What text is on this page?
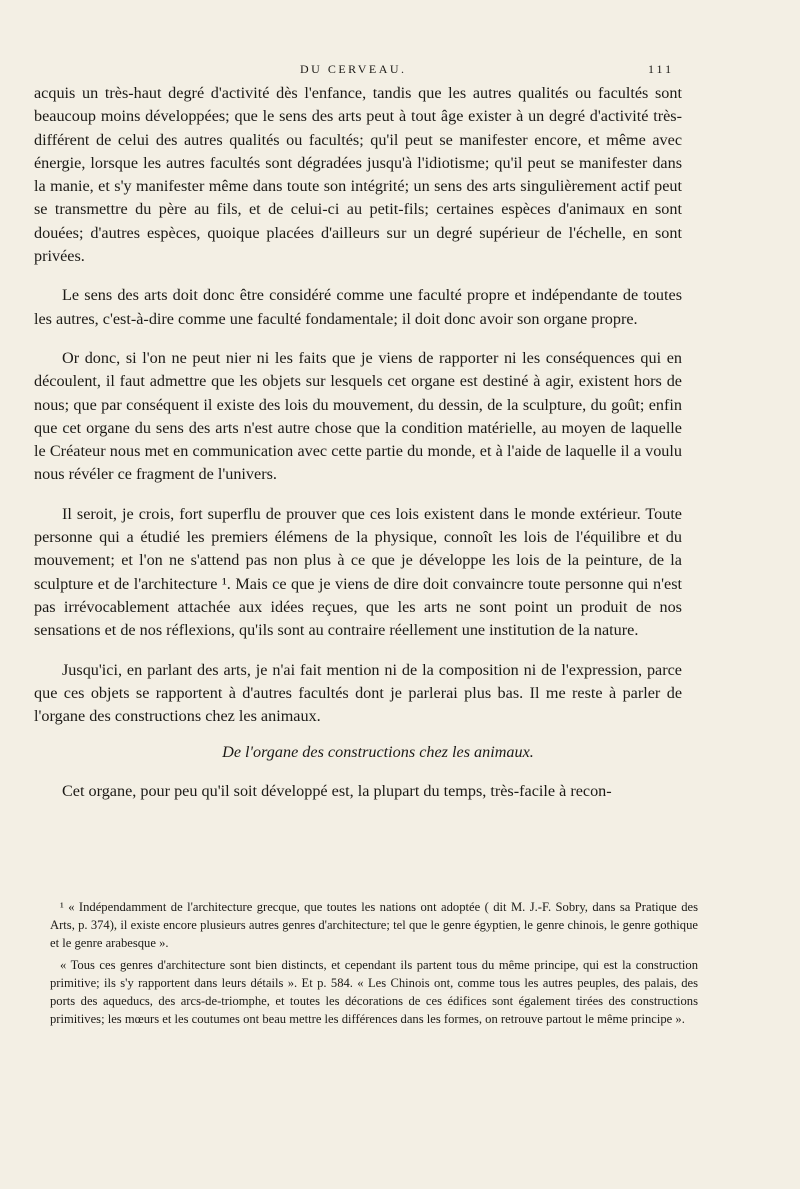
DU CERVEAU.	111

acquis un très-haut degré d'activité dès l'enfance, tandis que les autres qualités ou facultés sont beaucoup moins développées; que le sens des arts peut à tout âge exister à un degré d'activité très-différent de celui des autres qualités ou facultés; qu'il peut se manifester encore, et même avec énergie, lorsque les autres facultés sont dégradées jusqu'à l'idiotisme; qu'il peut se manifester dans la manie, et s'y manifester même dans toute son intégrité; un sens des arts singulièrement actif peut se transmettre du père au fils, et de celui-ci au petit-fils; certaines espèces d'animaux en sont douées; d'autres espèces, quoique placées d'ailleurs sur un degré supérieur de l'échelle, en sont privées.

Le sens des arts doit donc être considéré comme une faculté propre et indépendante de toutes les autres, c'est-à-dire comme une faculté fondamentale; il doit donc avoir son organe propre.

Or donc, si l'on ne peut nier ni les faits que je viens de rapporter ni les conséquences qui en découlent, il faut admettre que les objets sur lesquels cet organe est destiné à agir, existent hors de nous; que par conséquent il existe des lois du mouvement, du dessin, de la sculpture, du goût; enfin que cet organe du sens des arts n'est autre chose que la condition matérielle, au moyen de laquelle le Créateur nous met en communication avec cette partie du monde, et à l'aide de laquelle il a voulu nous révéler ce fragment de l'univers.

Il seroit, je crois, fort superflu de prouver que ces lois existent dans le monde extérieur. Toute personne qui a étudié les premiers élémens de la physique, connoît les lois de l'équilibre et du mouvement; et l'on ne s'attend pas non plus à ce que je développe les lois de la peinture, de la sculpture et de l'architecture ¹. Mais ce que je viens de dire doit convaincre toute personne qui n'est pas irrévocablement attachée aux idées reçues, que les arts ne sont point un produit de nos sensations et de nos réflexions, qu'ils sont au contraire réellement une institution de la nature.

Jusqu'ici, en parlant des arts, je n'ai fait mention ni de la composition ni de l'expression, parce que ces objets se rapportent à d'autres facultés dont je parlerai plus bas. Il me reste à parler de l'organe des constructions chez les animaux.

De l'organe des constructions chez les animaux.

Cet organe, pour peu qu'il soit développé est, la plupart du temps, très-facile à recon-

¹ « Indépendamment de l'architecture grecque, que toutes les nations ont adoptée ( dit M. J.-F. Sobry, dans sa Pratique des Arts, p. 374), il existe encore plusieurs autres genres d'architecture; tel que le genre égyptien, le genre chinois, le genre gothique et le genre arabesque ».

« Tous ces genres d'architecture sont bien distincts, et cependant ils partent tous du même principe, qui est la construction primitive; ils s'y rapportent dans leurs détails ». Et p. 584. « Les Chinois ont, comme tous les autres peuples, des palais, des ports des aqueducs, des arcs-de-triomphe, et toutes les décorations de ces édifices sont également tirées des constructions primitives; les mœurs et les coutumes ont beau mettre les différences dans les formes, on retrouve partout le même principe ».
